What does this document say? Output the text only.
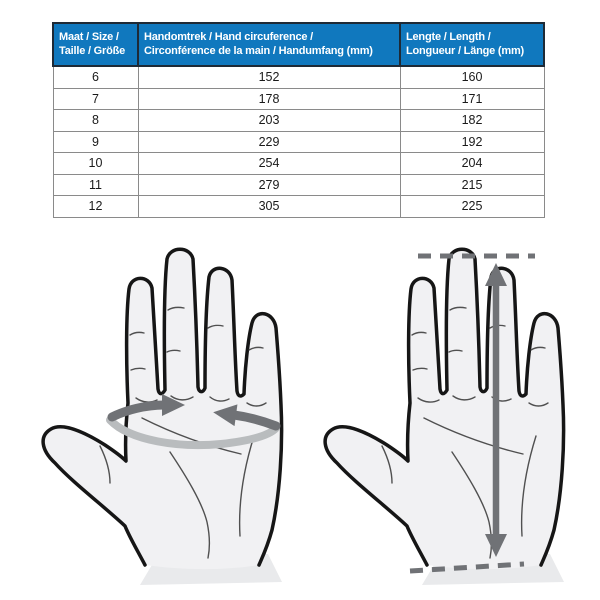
Maat / Size /
Taille / Größe

Handomtrek / Hand circuference /
Circonférence de la main / Handumfang (mm)

Lengte / Length /
Longueur / Länge (mm)

6	152	160
7	178	171
8	203	182
9	229	192
10	254	204
11	279	215
12	305	225
